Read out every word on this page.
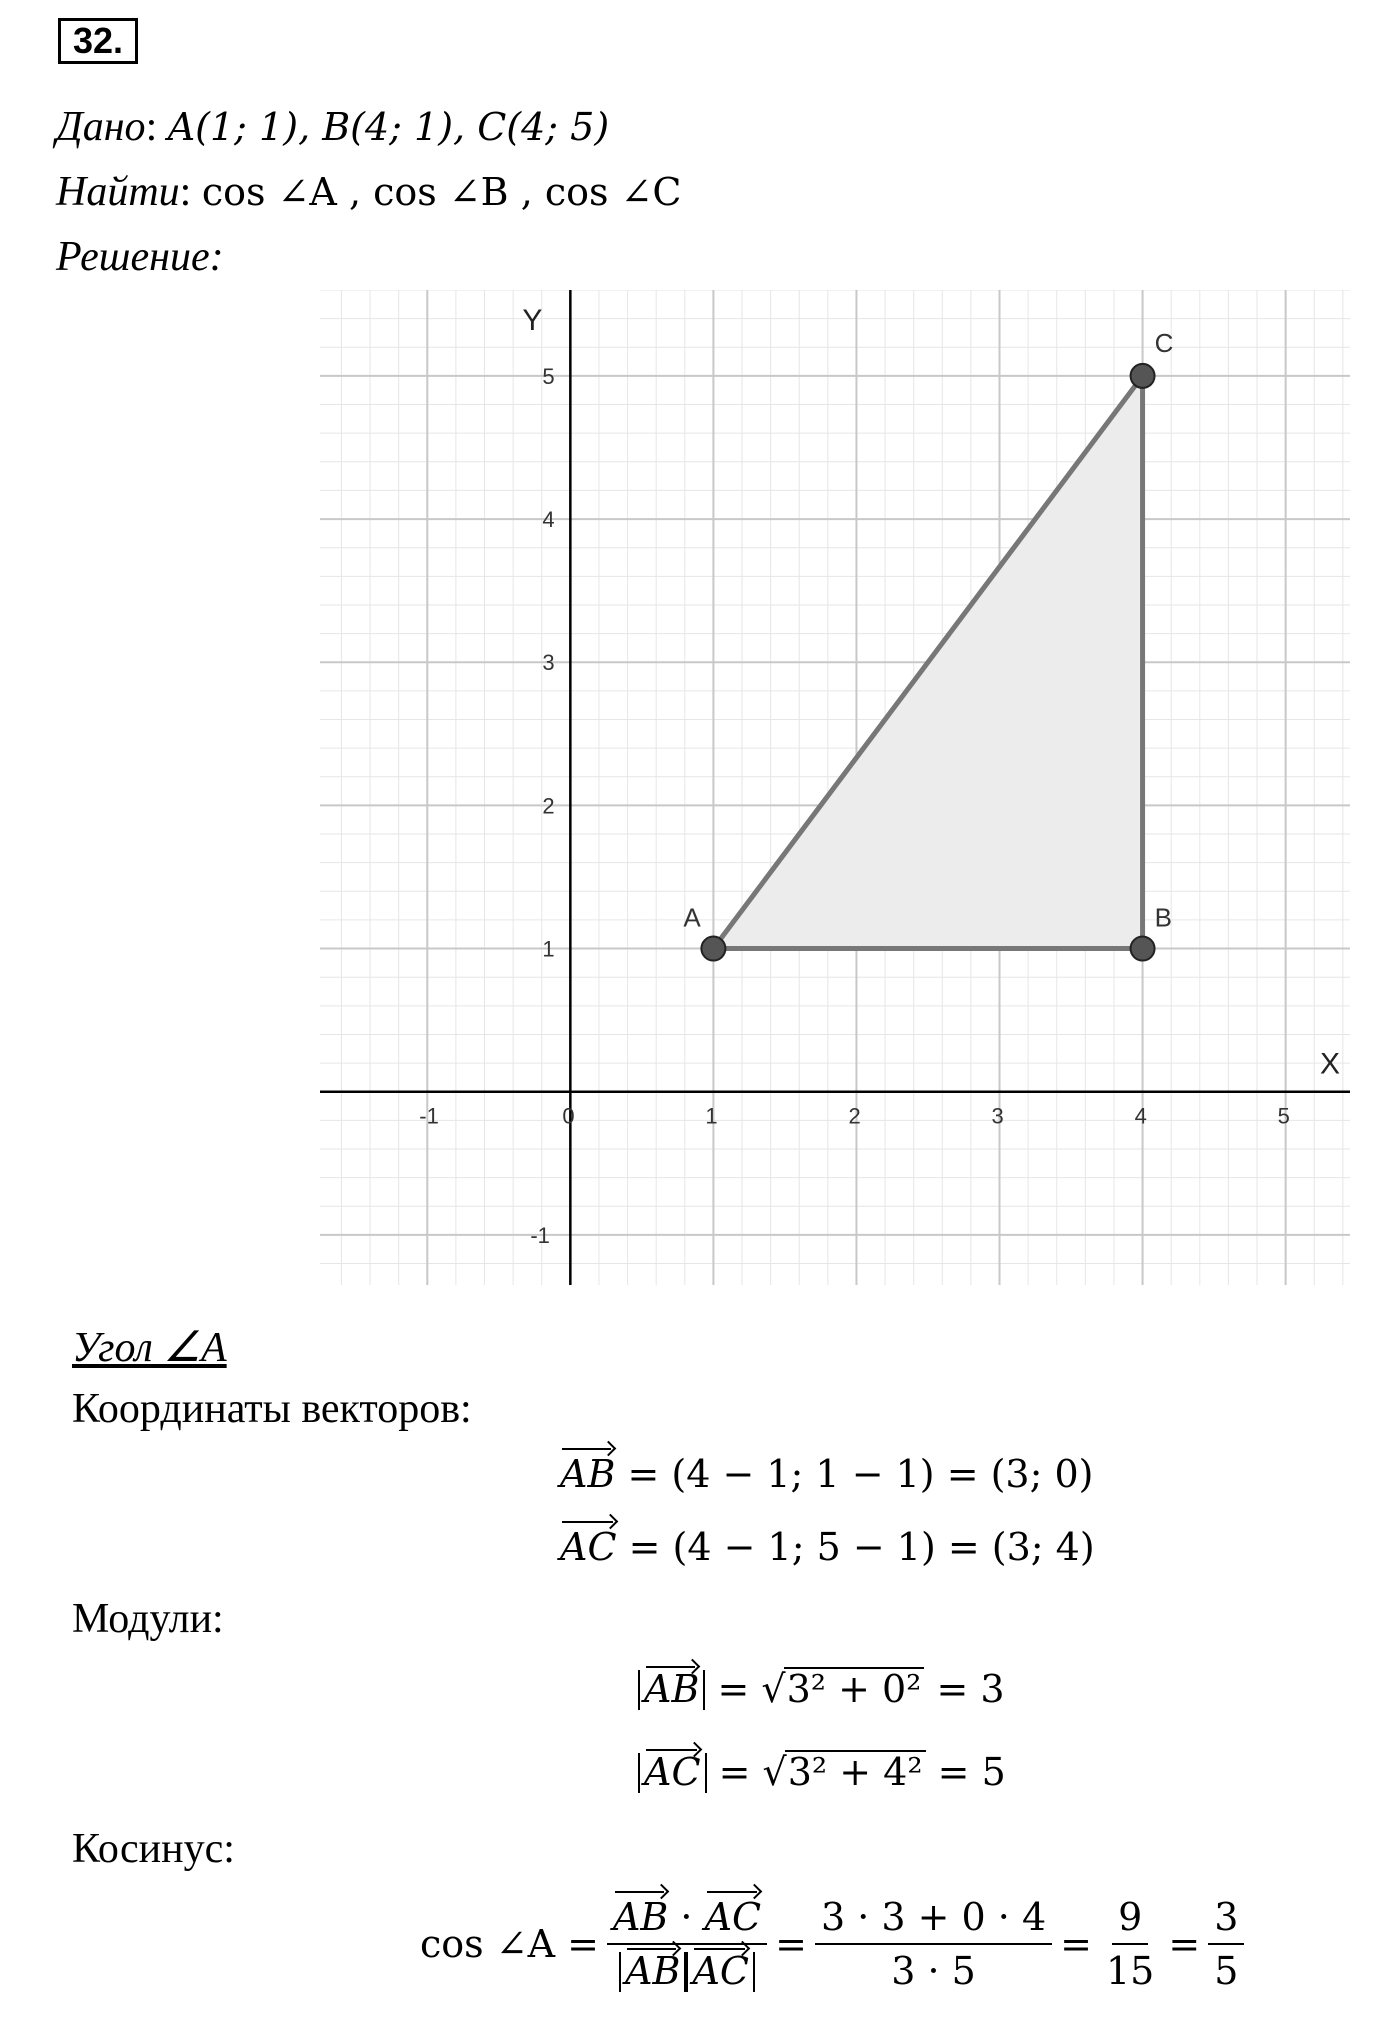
32.
Дано: A(1; 1), B(4; 1), C(4; 5)
Найти: cos ∠A , cos ∠B , cos ∠C
Решение:
X
Y
-1	0	1	2	3	4	5
-1
1
2
3
4
5
A	B
C
Угол ∠A
Координаты векторов:
AB = (4 − 1; 1 − 1) = (3; 0)
AC = (4 − 1; 5 − 1) = (3; 4)
Модули:
AB = √3² + 0² = 3
AC = √3² + 4² = 5
Косинус:
cos ∠A = $\frac{AB \cdot AC}{\text{AB AC}} = \frac{3 \cdot 3 + 0 \cdot 4}{3 \cdot 5} = \frac{9}{15} = \frac{3}{5}$
